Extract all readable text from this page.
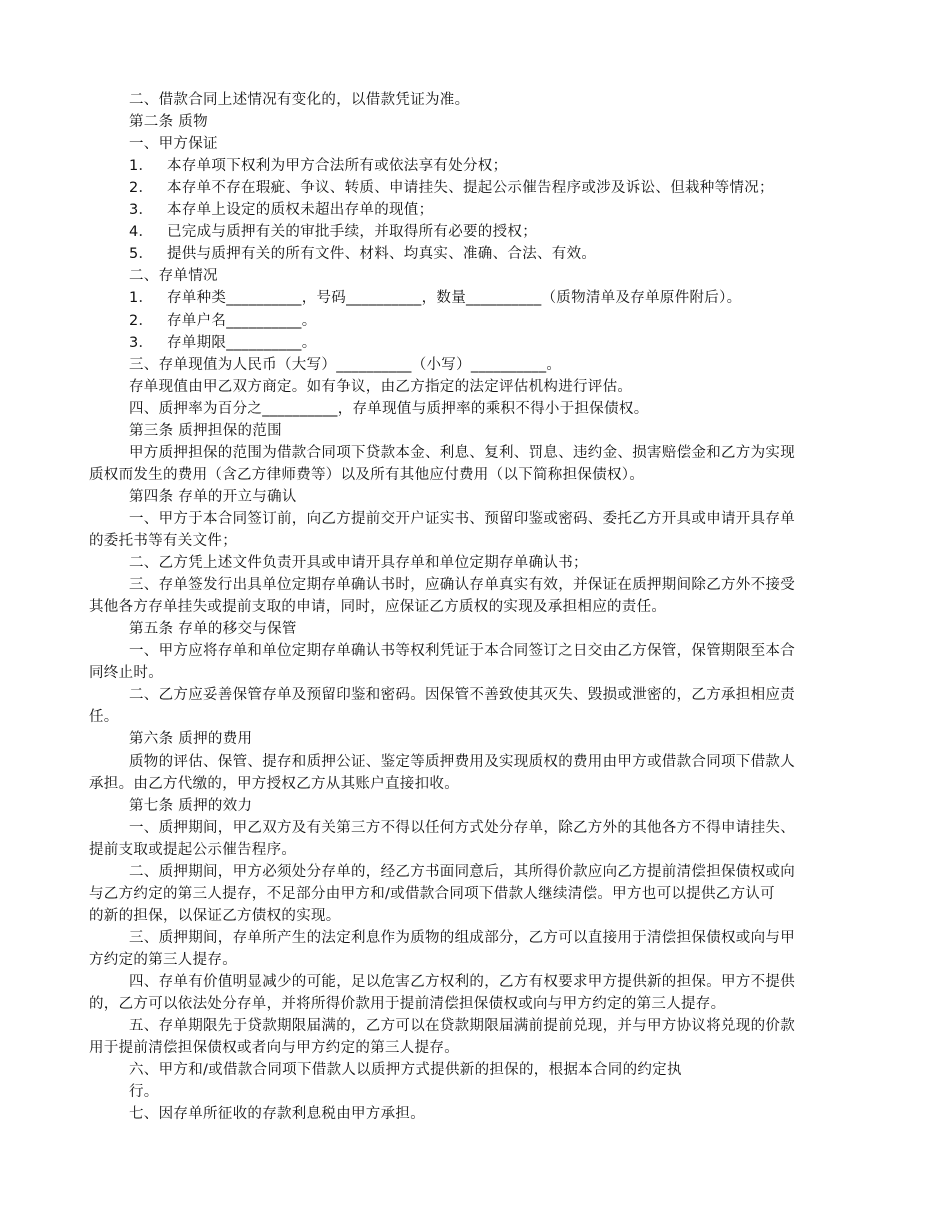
二、借款合同上述情况有变化的，以借款凭证为准。
第二条 质物
一、甲方保证
1． 本存单项下权利为甲方合法所有或依法享有处分权；
2． 本存单不存在瑕疵、争议、转质、申请挂失、提起公示催告程序或涉及诉讼、但栽种等情况；
3． 本存单上设定的质权未超出存单的现值；
4． 已完成与质押有关的审批手续，并取得所有必要的授权；
5． 提供与质押有关的所有文件、材料、均真实、准确、合法、有效。
二、存单情况
1． 存单种类__________，号码__________，数量__________（质物清单及存单原件附后）。
2． 存单户名__________。
3． 存单期限__________。
三、存单现值为人民币（大写）__________（小写）__________。
存单现值由甲乙双方商定。如有争议，由乙方指定的法定评估机构进行评估。
四、质押率为百分之__________，存单现值与质押率的乘积不得小于担保债权。
第三条 质押担保的范围
甲方质押担保的范围为借款合同项下贷款本金、利息、复利、罚息、违约金、损害赔偿金和乙方为实现
质权而发生的费用（含乙方律师费等）以及所有其他应付费用（以下简称担保债权）。
第四条 存单的开立与确认
一、甲方于本合同签订前，向乙方提前交开户证实书、预留印鉴或密码、委托乙方开具或申请开具存单
的委托书等有关文件；
二、乙方凭上述文件负责开具或申请开具存单和单位定期存单确认书；
三、存单签发行出具单位定期存单确认书时，应确认存单真实有效，并保证在质押期间除乙方外不接受
其他各方存单挂失或提前支取的申请，同时，应保证乙方质权的实现及承担相应的责任。
第五条 存单的移交与保管
一、甲方应将存单和单位定期存单确认书等权利凭证于本合同签订之日交由乙方保管，保管期限至本合
同终止时。
二、乙方应妥善保管存单及预留印鉴和密码。因保管不善致使其灭失、毁损或泄密的，乙方承担相应责
任。
第六条 质押的费用
质物的评估、保管、提存和质押公证、鉴定等质押费用及实现质权的费用由甲方或借款合同项下借款人
承担。由乙方代缴的，甲方授权乙方从其账户直接扣收。
第七条 质押的效力
一、质押期间，甲乙双方及有关第三方不得以任何方式处分存单，除乙方外的其他各方不得申请挂失、
提前支取或提起公示催告程序。
二、质押期间，甲方必须处分存单的，经乙方书面同意后，其所得价款应向乙方提前清偿担保债权或向
与乙方约定的第三人提存，不足部分由甲方和/或借款合同项下借款人继续清偿。甲方也可以提供乙方认可
的新的担保，以保证乙方债权的实现。
三、质押期间，存单所产生的法定利息作为质物的组成部分，乙方可以直接用于清偿担保债权或向与甲
方约定的第三人提存。
四、存单有价值明显减少的可能，足以危害乙方权利的，乙方有权要求甲方提供新的担保。甲方不提供
的，乙方可以依法处分存单，并将所得价款用于提前清偿担保债权或向与甲方约定的第三人提存。
五、存单期限先于贷款期限届满的，乙方可以在贷款期限届满前提前兑现，并与甲方协议将兑现的价款
用于提前清偿担保债权或者向与甲方约定的第三人提存。
六、甲方和/或借款合同项下借款人以质押方式提供新的担保的，根据本合同的约定执
行。
七、因存单所征收的存款利息税由甲方承担。
